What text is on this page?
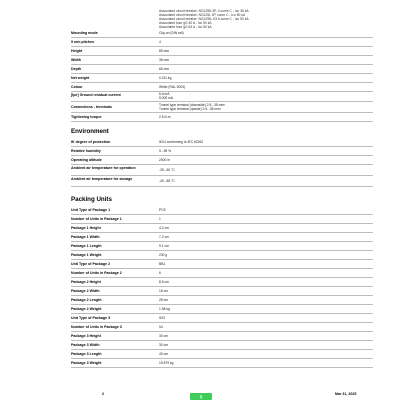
Associated circuit breaker: NG125N 3P, 4 curve C - Icu 36 kA
Associated circuit breaker: NG125L 3P, curve C - Icu 50 kA
Associated circuit breaker: NG125N, 63 A curve C - Icu 50 kA
Associated fuse gG 40 A - Icu 50 kA
Associated fuse gG 63 A - Icu 50 kA
Mounting mode	Clip-on (DIN rail)
9 mm pitches	4
Height	85 mm
Width	36 mm
Depth	66 mm
Net weight	0.211 kg
Colour	White (RAL 9003)
[Ipe] Ground residual current	6 A mA
5,000 mA
Connections - terminals
Tunnel type terminal (downside) 2.5...35 mm²
Tunnel type terminal (upside) 2.5...35 mm²
Tightening torque	2.5 N.m
Environment
IK degree of protection	IK04 conforming to IEC 62262
Relative humidity	5...95 %
Operating altitude	2000 m
Ambient air temperature for operation	-25...60 °C
Ambient air temperature for storage	-40...85 °C
Packing Units
Unit Type of Package 1	PCE
Number of Units in Package 1	1
Package 1 Height	4.2 cm
Package 1 Width	7.2 cm
Package 1 Length	9.1 cm
Package 1 Weight	230 g
Unit Type of Package 2	BB1
Number of Units in Package 2	6
Package 2 Height	8.5 cm
Package 2 Width	16 cm
Package 2 Length	28 cm
Package 2 Weight	1.58 kg
Unit Type of Package 3	S03
Number of Units in Package 3	54
Package 3 Height	30 cm
Package 3 Width	30 cm
Package 3 Length	40 cm
Package 3 Weight	15.879 kg
2
S
Mar 31, 2025
